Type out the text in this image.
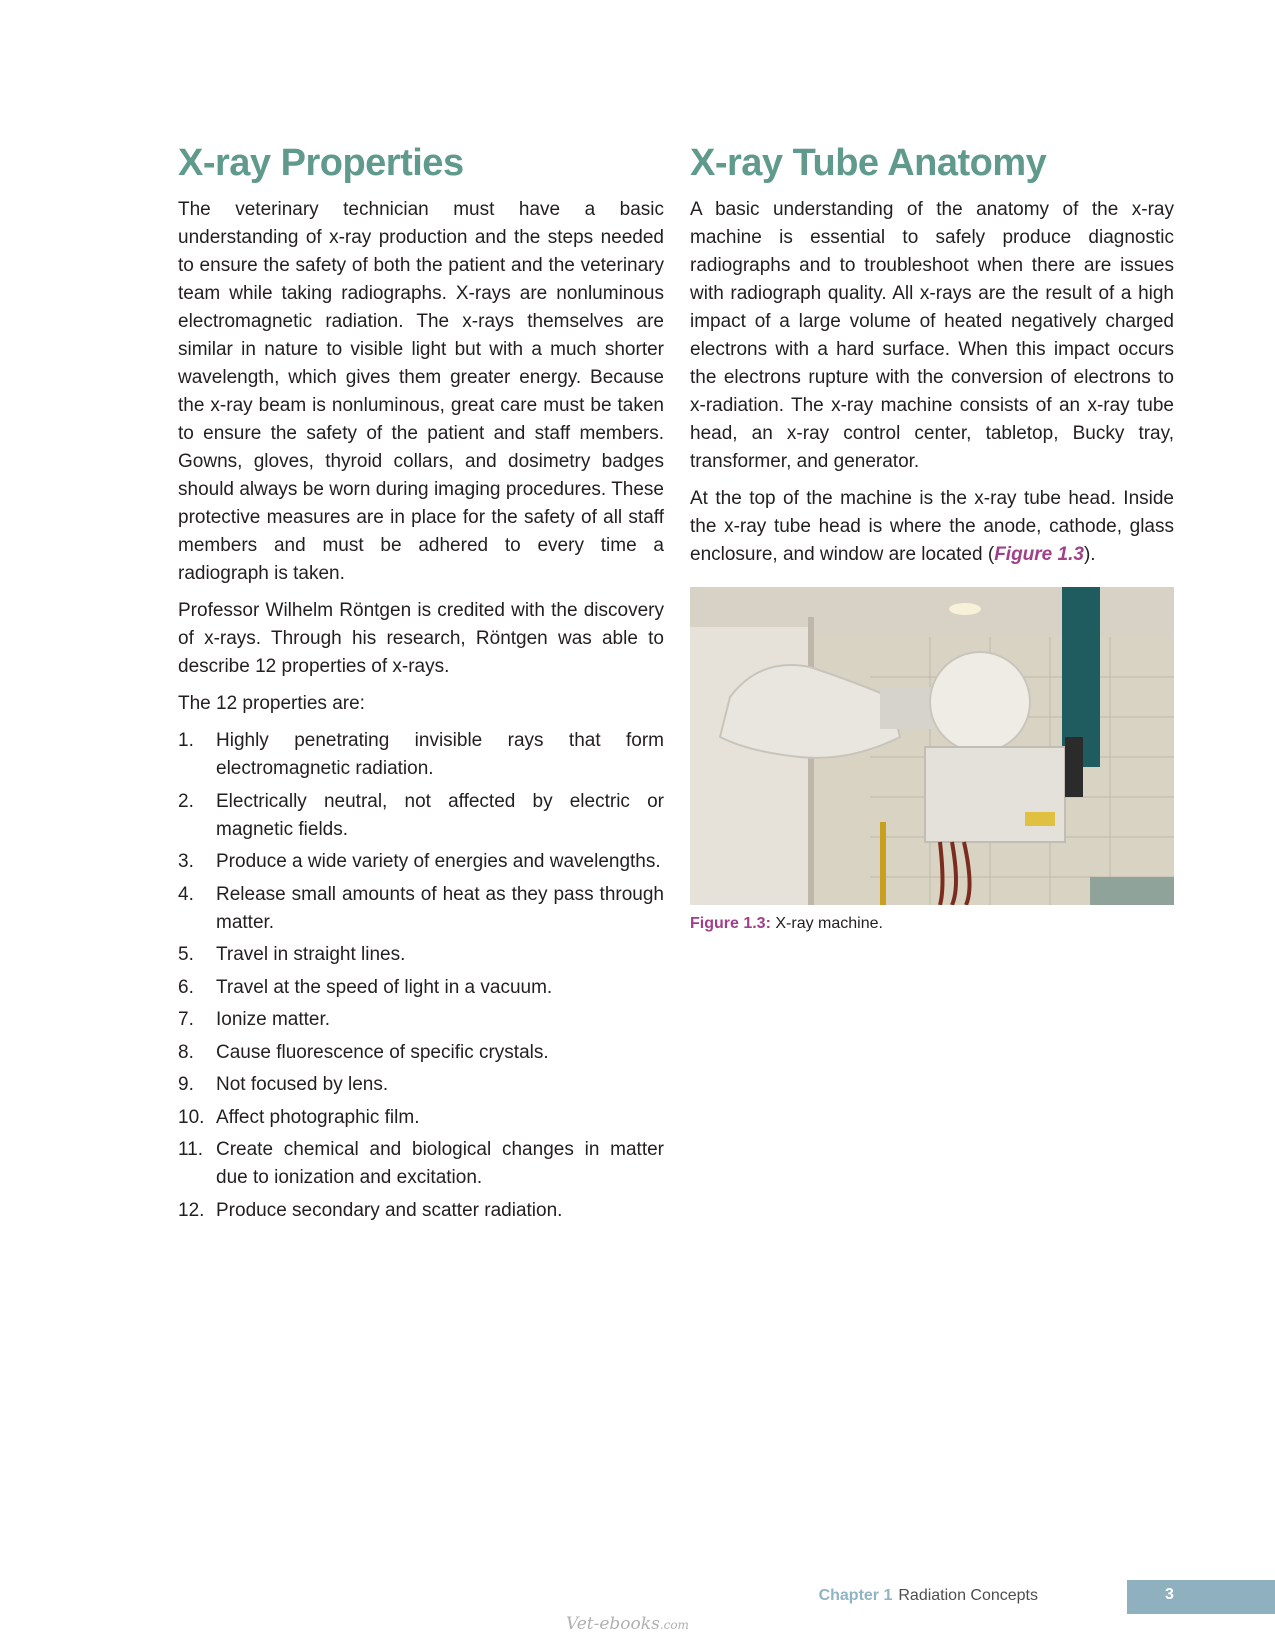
X-ray Properties

The veterinary technician must have a basic understanding of x-ray production and the steps needed to ensure the safety of both the patient and the veterinary team while taking radiographs. X-rays are nonluminous electromagnetic radiation. The x-rays themselves are similar in nature to visible light but with a much shorter wavelength, which gives them greater energy. Because the x-ray beam is nonluminous, great care must be taken to ensure the safety of the patient and staff members. Gowns, gloves, thyroid collars, and dosimetry badges should always be worn during imaging procedures. These protective measures are in place for the safety of all staff members and must be adhered to every time a radiograph is taken.

Professor Wilhelm Röntgen is credited with the discovery of x-rays. Through his research, Röntgen was able to describe 12 properties of x-rays.

The 12 properties are:

1. Highly penetrating invisible rays that form electromagnetic radiation.
2. Electrically neutral, not affected by electric or magnetic fields.
3. Produce a wide variety of energies and wavelengths.
4. Release small amounts of heat as they pass through matter.
5. Travel in straight lines.
6. Travel at the speed of light in a vacuum.
7. Ionize matter.
8. Cause fluorescence of specific crystals.
9. Not focused by lens.
10. Affect photographic film.
11. Create chemical and biological changes in matter due to ionization and excitation.
12. Produce secondary and scatter radiation.
X-ray Tube Anatomy

A basic understanding of the anatomy of the x-ray machine is essential to safely produce diagnostic radiographs and to troubleshoot when there are issues with radiograph quality. All x-rays are the result of a high impact of a large volume of heated negatively charged electrons with a hard surface. When this impact occurs the electrons rupture with the conversion of electrons to x-radiation. The x-ray machine consists of an x-ray tube head, an x-ray control center, tabletop, Bucky tray, transformer, and generator.

At the top of the machine is the x-ray tube head. Inside the x-ray tube head is where the anode, cathode, glass enclosure, and window are located (Figure 1.3).

Figure 1.3: X-ray machine.
Chapter 1 Radiation Concepts	3
Vet-ebooks.com
